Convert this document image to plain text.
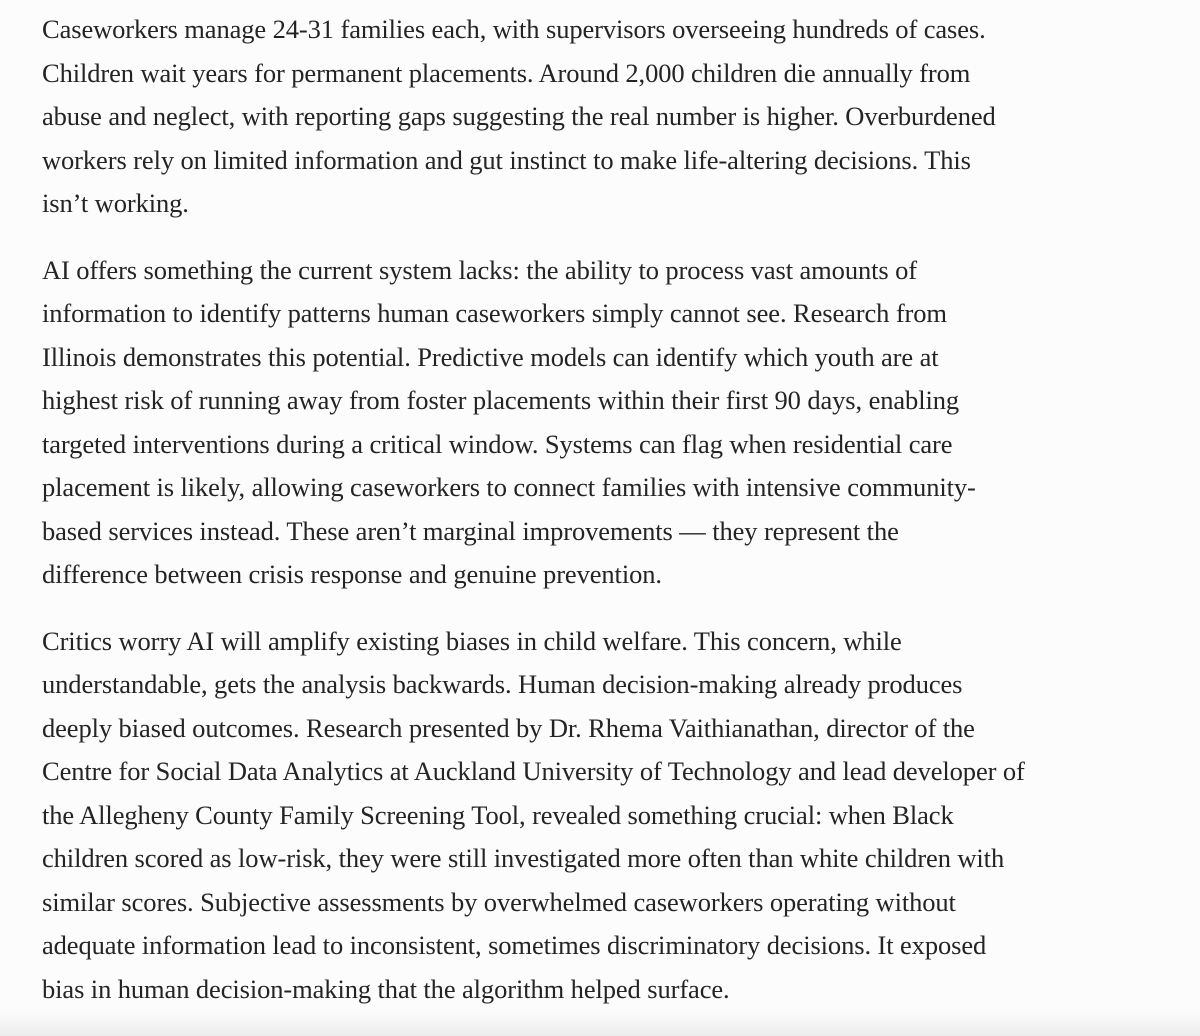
Caseworkers manage 24-31 families each, with supervisors overseeing hundreds of cases.
Children wait years for permanent placements. Around 2,000 children die annually from
abuse and neglect, with reporting gaps suggesting the real number is higher. Overburdened
workers rely on limited information and gut instinct to make life-altering decisions. This
isn’t working.

AI offers something the current system lacks: the ability to process vast amounts of
information to identify patterns human caseworkers simply cannot see. Research from
Illinois demonstrates this potential. Predictive models can identify which youth are at
highest risk of running away from foster placements within their first 90 days, enabling
targeted interventions during a critical window. Systems can flag when residential care
placement is likely, allowing caseworkers to connect families with intensive community-
based services instead. These aren’t marginal improvements — they represent the
difference between crisis response and genuine prevention.

Critics worry AI will amplify existing biases in child welfare. This concern, while
understandable, gets the analysis backwards. Human decision-making already produces
deeply biased outcomes. Research presented by Dr. Rhema Vaithianathan, director of the
Centre for Social Data Analytics at Auckland University of Technology and lead developer of
the Allegheny County Family Screening Tool, revealed something crucial: when Black
children scored as low-risk, they were still investigated more often than white children with
similar scores. Subjective assessments by overwhelmed caseworkers operating without
adequate information lead to inconsistent, sometimes discriminatory decisions. It exposed
bias in human decision-making that the algorithm helped surface.
